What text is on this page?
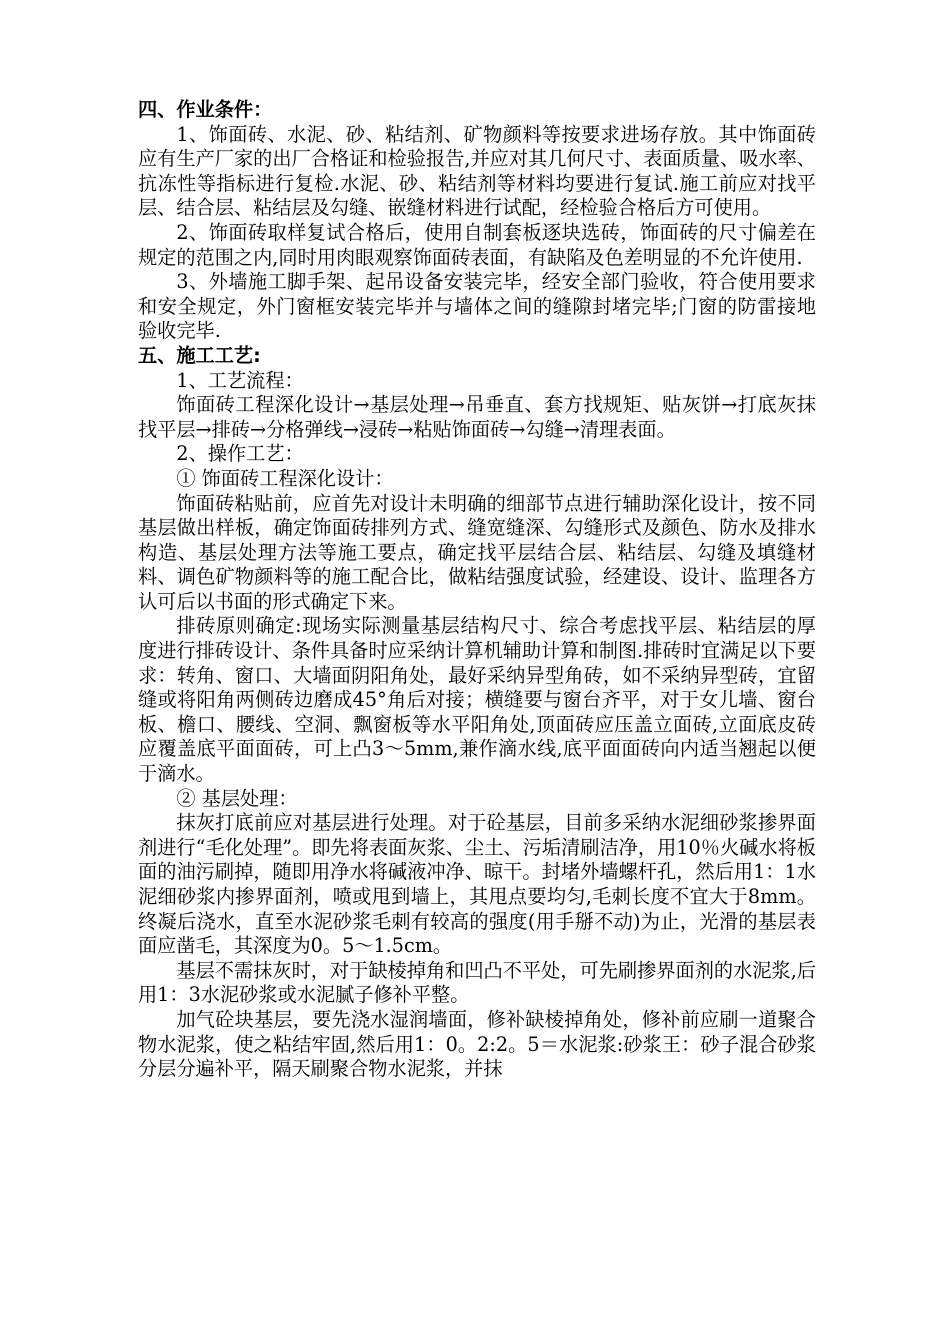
四、作业条件：

1、饰面砖、水泥、砂、粘结剂、矿物颜料等按要求进场存放。其中饰面砖应有生产厂家的出厂合格证和检验报告,并应对其几何尺寸、表面质量、吸水率、抗冻性等指标进行复检.水泥、砂、粘结剂等材料均要进行复试.施工前应对找平层、结合层、粘结层及勾缝、嵌缝材料进行试配，经检验合格后方可使用。

2、饰面砖取样复试合格后，使用自制套板逐块选砖，饰面砖的尺寸偏差在规定的范围之内,同时用肉眼观察饰面砖表面，有缺陷及色差明显的不允许使用.

3、外墙施工脚手架、起吊设备安装完毕，经安全部门验收，符合使用要求和安全规定，外门窗框安装完毕并与墙体之间的缝隙封堵完毕;门窗的防雷接地验收完毕.

五、施工工艺:

1、工艺流程：

饰面砖工程深化设计→基层处理→吊垂直、套方找规矩、贴灰饼→打底灰抹找平层→排砖→分格弹线→浸砖→粘贴饰面砖→勾缝→清理表面。

2、操作工艺：

① 饰面砖工程深化设计：

饰面砖粘贴前，应首先对设计未明确的细部节点进行辅助深化设计，按不同基层做出样板，确定饰面砖排列方式、缝宽缝深、勾缝形式及颜色、防水及排水构造、基层处理方法等施工要点，确定找平层结合层、粘结层、勾缝及填缝材料、调色矿物颜料等的施工配合比，做粘结强度试验，经建设、设计、监理各方认可后以书面的形式确定下来。

排砖原则确定:现场实际测量基层结构尺寸、综合考虑找平层、粘结层的厚度进行排砖设计、条件具备时应采纳计算机辅助计算和制图.排砖时宜满足以下要求：转角、窗口、大墙面阴阳角处，最好采纳异型角砖，如不采纳异型砖，宜留缝或将阳角两侧砖边磨成45°角后对接；横缝要与窗台齐平，对于女儿墙、窗台板、檐口、腰线、空洞、飘窗板等水平阳角处,顶面砖应压盖立面砖,立面底皮砖应覆盖底平面面砖，可上凸3～5mm,兼作滴水线,底平面面砖向内适当翘起以便于滴水。

② 基层处理：

抹灰打底前应对基层进行处理。对于砼基层，目前多采纳水泥细砂浆掺界面剂进行“毛化处理”。即先将表面灰浆、尘土、污垢清刷洁净，用10％火碱水将板面的油污刷掉，随即用净水将碱液冲净、晾干。封堵外墙螺杆孔，然后用1：1水泥细砂浆内掺界面剂，喷或甩到墙上，其甩点要均匀,毛刺长度不宜大于8mm。终凝后浇水，直至水泥砂浆毛刺有较高的强度(用手掰不动)为止，光滑的基层表面应凿毛，其深度为0。5～1.5cm。

基层不需抹灰时，对于缺棱掉角和凹凸不平处，可先刷掺界面剂的水泥浆,后用1：3水泥砂浆或水泥腻子修补平整。

加气砼块基层，要先浇水湿润墙面，修补缺棱掉角处，修补前应刷一道聚合物水泥浆，使之粘结牢固,然后用1：0。2:2。5＝水泥浆:砂浆王：砂子混合砂浆分层分遍补平，隔天刷聚合物水泥浆，并抹
